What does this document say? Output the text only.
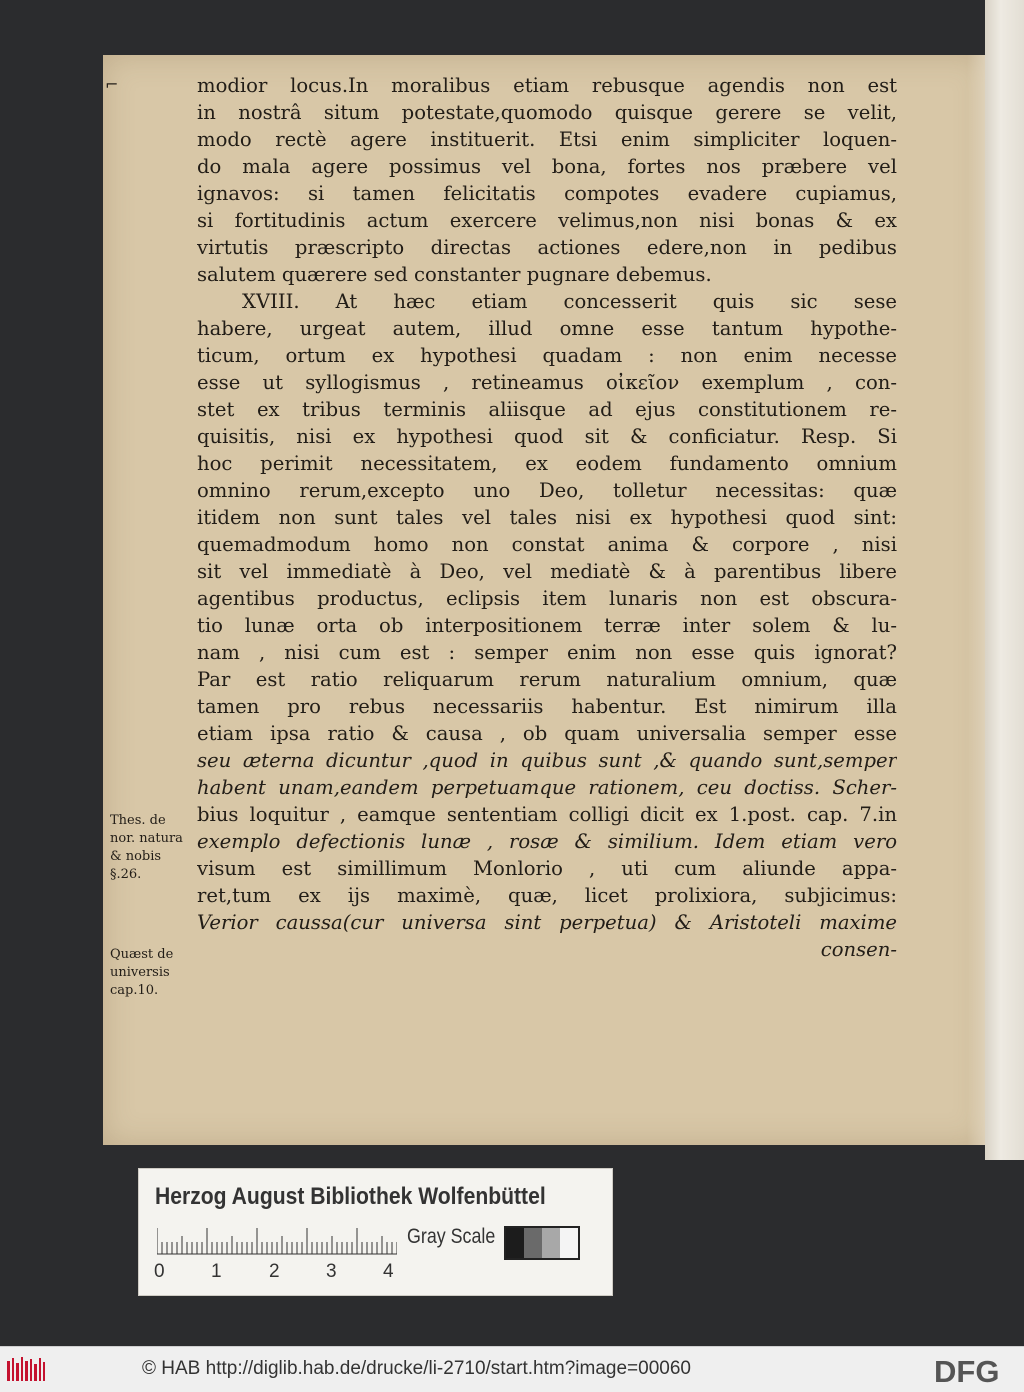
⌐	modior locus.In moralibus etiam rebusque agendis non est
in nostrâ situm potestate,quomodo quisque gerere se velit,
modo rectè agere instituerit. Etsi enim simpliciter loquen-
do mala agere possimus vel bona, fortes nos præbere vel
ignavos: si tamen felicitatis compotes evadere cupiamus,
si fortitudinis actum exercere velimus,non nisi bonas & ex
virtutis præscripto directas actiones edere,non in pedibus
salutem quærere sed constanter pugnare debemus.
XVIII. At hæc etiam concesserit quis sic sese
habere, urgeat autem, illud omne esse tantum hypothe-
ticum, ortum ex hypothesi quadam : non enim necesse
esse ut syllogismus , retineamus οἰκεῖον exemplum , con-
stet ex tribus terminis aliisque ad ejus constitutionem re-
quisitis, nisi ex hypothesi quod sit & conficiatur. Resp. Si
hoc perimit necessitatem, ex eodem fundamento omnium
omnino rerum,excepto uno Deo, tolletur necessitas: quæ
itidem non sunt tales vel tales nisi ex hypothesi quod sint:
quemadmodum homo non constat anima & corpore , nisi
sit vel immediatè à Deo, vel mediatè & à parentibus libere
agentibus productus, eclipsis item lunaris non est obscura-
tio lunæ orta ob interpositionem terræ inter solem & lu-
nam , nisi cum est : semper enim non esse quis ignorat?
Par est ratio reliquarum rerum naturalium omnium, quæ
tamen pro rebus necessariis habentur. Est nimirum illa
etiam ipsa ratio & causa , ob quam universalia semper esse
seu æterna dicuntur ,quod in quibus sunt ,& quando sunt,semper
habent unam,eandem perpetuamque rationem, ceu doctiss. Scher-
bius loquitur , eamque sententiam colligi dicit ex 1.post. cap. 7.in
exemplo defectionis lunæ , rosæ & similium. Idem etiam vero
visum est simillimum Monlorio , uti cum aliunde appa-
ret,tum ex ijs maximè, quæ, licet prolixiora, subjicimus:
Verior caussa(cur universa sint perpetua) & Aristoteli maxime
consen-
Thes. de
nor. natura
& nobis
§.26.
Quæst de
universis
cap.10.
Herzog August Bibliothek Wolfenbüttel
0 1 2 3 4
Gray Scale
© HAB http://diglib.hab.de/drucke/li-2710/start.htm?image=00060	DFG
